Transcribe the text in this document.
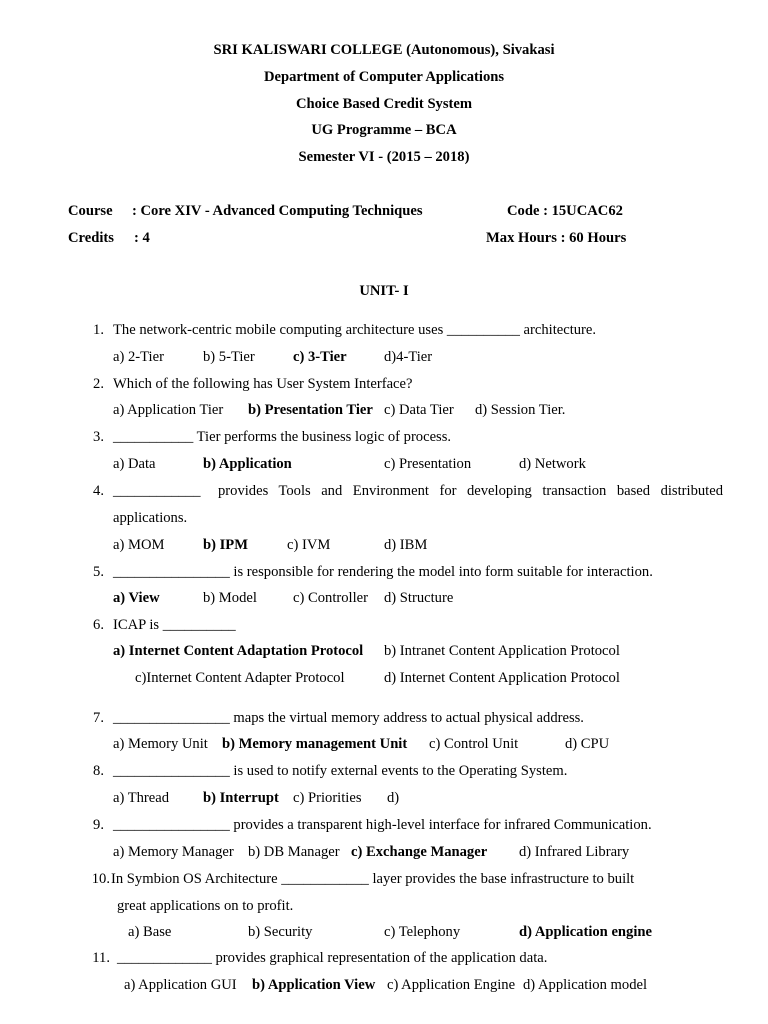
SRI KALISWARI COLLEGE (Autonomous), Sivakasi
Department of Computer Applications
Choice Based Credit System
UG Programme – BCA
Semester VI - (2015 – 2018)
Course : Core XIV - Advanced Computing Techniques	Code : 15UCAC62
Credits : 4	Max Hours : 60 Hours
UNIT- I
1. The network-centric mobile computing architecture uses __________ architecture.
a) 2-Tier	b) 5-Tier	c) 3-Tier	d)4-Tier
2. Which of the following has User System Interface?
a) Application Tier b) Presentation Tier c) Data Tier d) Session Tier.
3. ___________ Tier performs the business logic of process.
a) Data	b) Application	c) Presentation	d) Network
4. ____________ provides Tools and Environment for developing transaction based distributed
applications.
a) MOM	b) IPM	c) IVM	d) IBM
5. ________________ is responsible for rendering the model into form suitable for interaction.
a) View	b) Model c) Controller d) Structure
6. ICAP is __________
a) Internet Content Adaptation Protocol b) Intranet Content Application Protocol
c)Internet Content Adapter Protocol	d) Internet Content Application Protocol
7. ________________ maps the virtual memory address to actual physical address.
a) Memory Unit b) Memory management Unit c) Control Unit	d) CPU
8. ________________ is used to notify external events to the Operating System.
a) Thread b) Interrupt c) Priorities d)
9. ________________ provides a transparent high-level interface for infrared Communication.
a) Memory Manager b) DB Manager c) Exchange Manager d) Infrared Library
10. In Symbion OS Architecture ____________ layer provides the base infrastructure to built
great applications on to profit.
a) Base	b) Security	c) Telephony	d) Application engine
11. _____________ provides graphical representation of the application data.
a) Application GUI b) Application View c) Application Engine d) Application model
